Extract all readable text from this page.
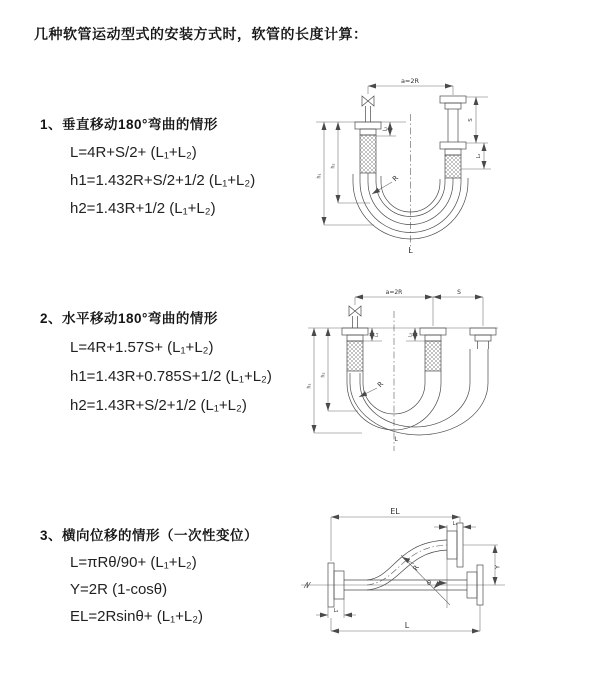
几种软管运动型式的安装方式时，软管的长度计算：
1、垂直移动180°弯曲的情形
L=4R+S/2+ (L₁+L₂)
h1=1.432R+S/2+1/2 (L₁+L₂)
h2=1.43R+1/2 (L₁+L₂)
a=2R
S
L₂
L₁
h₁
h₂
R
L
2、水平移动180°弯曲的情形
L=4R+1.57S+ (L₁+L₂)
h1=1.43R+0.785S+1/2 (L₁+L₂)
h2=1.43R+S/2+1/2 (L₁+L₂)
a=2R	S
L₁	L₂
h₁
h₂
R
L
3、横向位移的情形（一次性变位）
L=πRθ/90+ (L₁+L₂)
Y=2R (1-cosθ)
EL=2Rsinθ+ (L₁+L₂)
EL
L₁
Y
R
θ
L₂
L
